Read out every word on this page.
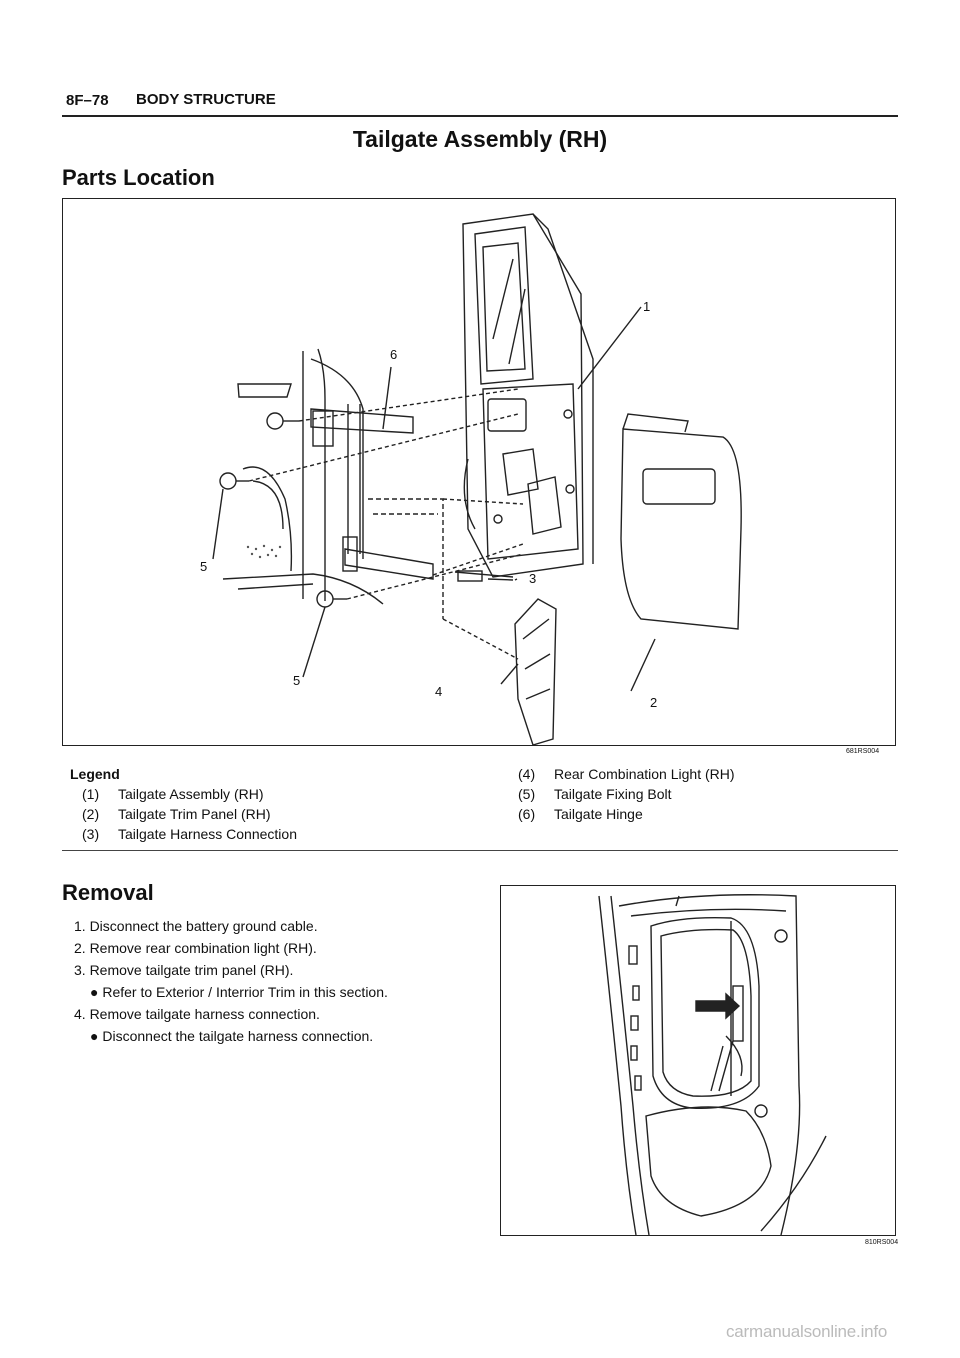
8F–78 BODY STRUCTURE
Tailgate Assembly (RH)
Parts Location
1
2
3
4
5
5
6
681RS004
Legend
(1) Tailgate Assembly (RH)
(2) Tailgate Trim Panel (RH)
(3) Tailgate Harness Connection
(4) Rear Combination Light (RH)
(5) Tailgate Fixing Bolt
(6) Tailgate Hinge
Removal
1. Disconnect the battery ground cable.
2. Remove rear combination light (RH).
3. Remove tailgate trim panel (RH).
● Refer to Exterior / Interrior Trim in this section.
4. Remove tailgate harness connection.
● Disconnect the tailgate harness connection.
810RS004
carmanualsonline.info
